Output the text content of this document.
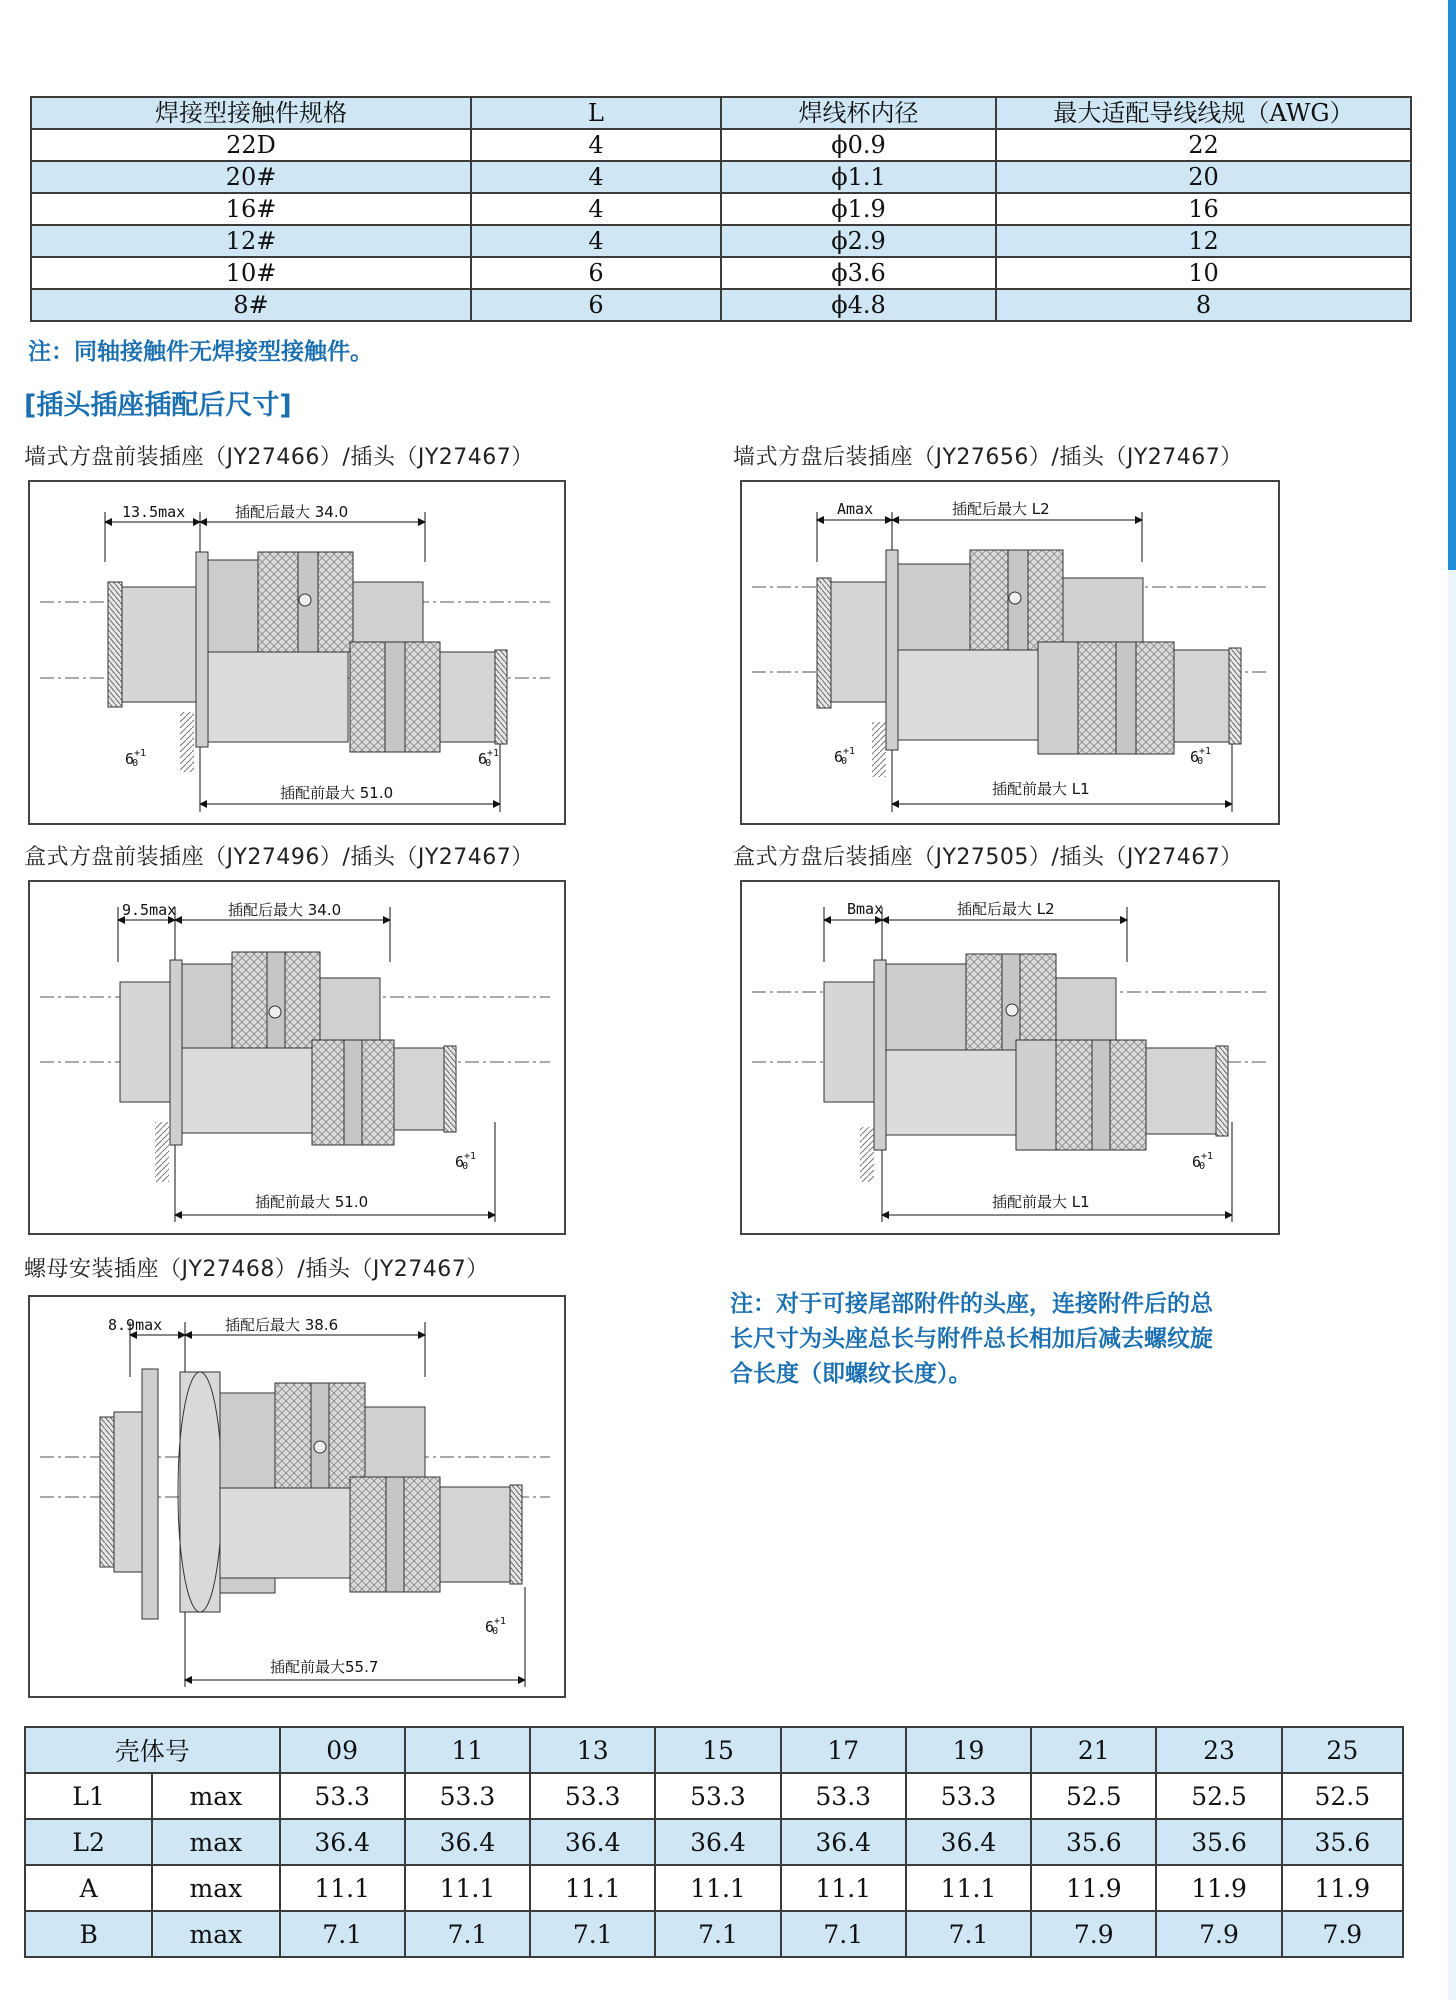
焊接型接触件规格	L	焊线杯内径	最大适配导线线规（AWG）
22D	4	ϕ0.9	22
20#	4	ϕ1.1	20
16#	4	ϕ1.9	16
12#	4	ϕ2.9	12
10#	6	ϕ3.6	10
8#	6	ϕ4.8	8
注：同轴接触件无焊接型接触件。
[插头插座插配后尺寸]
墙式方盘前装插座（JY27466）/插头（JY27467）	墙式方盘后装插座（JY27656）/插头（JY27467）
盒式方盘前装插座（JY27496）/插头（JY27467）	盒式方盘后装插座（JY27505）/插头（JY27467）
螺母安装插座（JY27468）/插头（JY27467）
13.5max	插配后最大 34.0
插配前最大 51.0
$6^{+1}$ 0	$6^{+1}$ 0
Amax	插配后最大 L2
插配前最大 L1
$6^{+1}$ 0	$6^{+1}$ 0
9.5max	插配后最大 34.0
插配前最大 51.0
$6^{+1}$ 0
Bmax	插配后最大 L2
插配前最大 L1
$6^{+1}$ 0
8.9max	插配后最大 38.6
插配前最大55.7
$6^{+1}$ 0
注：对于可接尾部附件的头座，连接附件后的总
长尺寸为头座总长与附件总长相加后减去螺纹旋
合长度（即螺纹长度）。
壳体号		09	11	13	15	17	19	21	23	25
L1	max	53.3	53.3	53.3	53.3	53.3	53.3	52.5	52.5	52.5
L2	max	36.4	36.4	36.4	36.4	36.4	36.4	35.6	35.6	35.6
A	max	11.1	11.1	11.1	11.1	11.1	11.1	11.9	11.9	11.9
B	max	7.1	7.1	7.1	7.1	7.1	7.1	7.9	7.9	7.9
